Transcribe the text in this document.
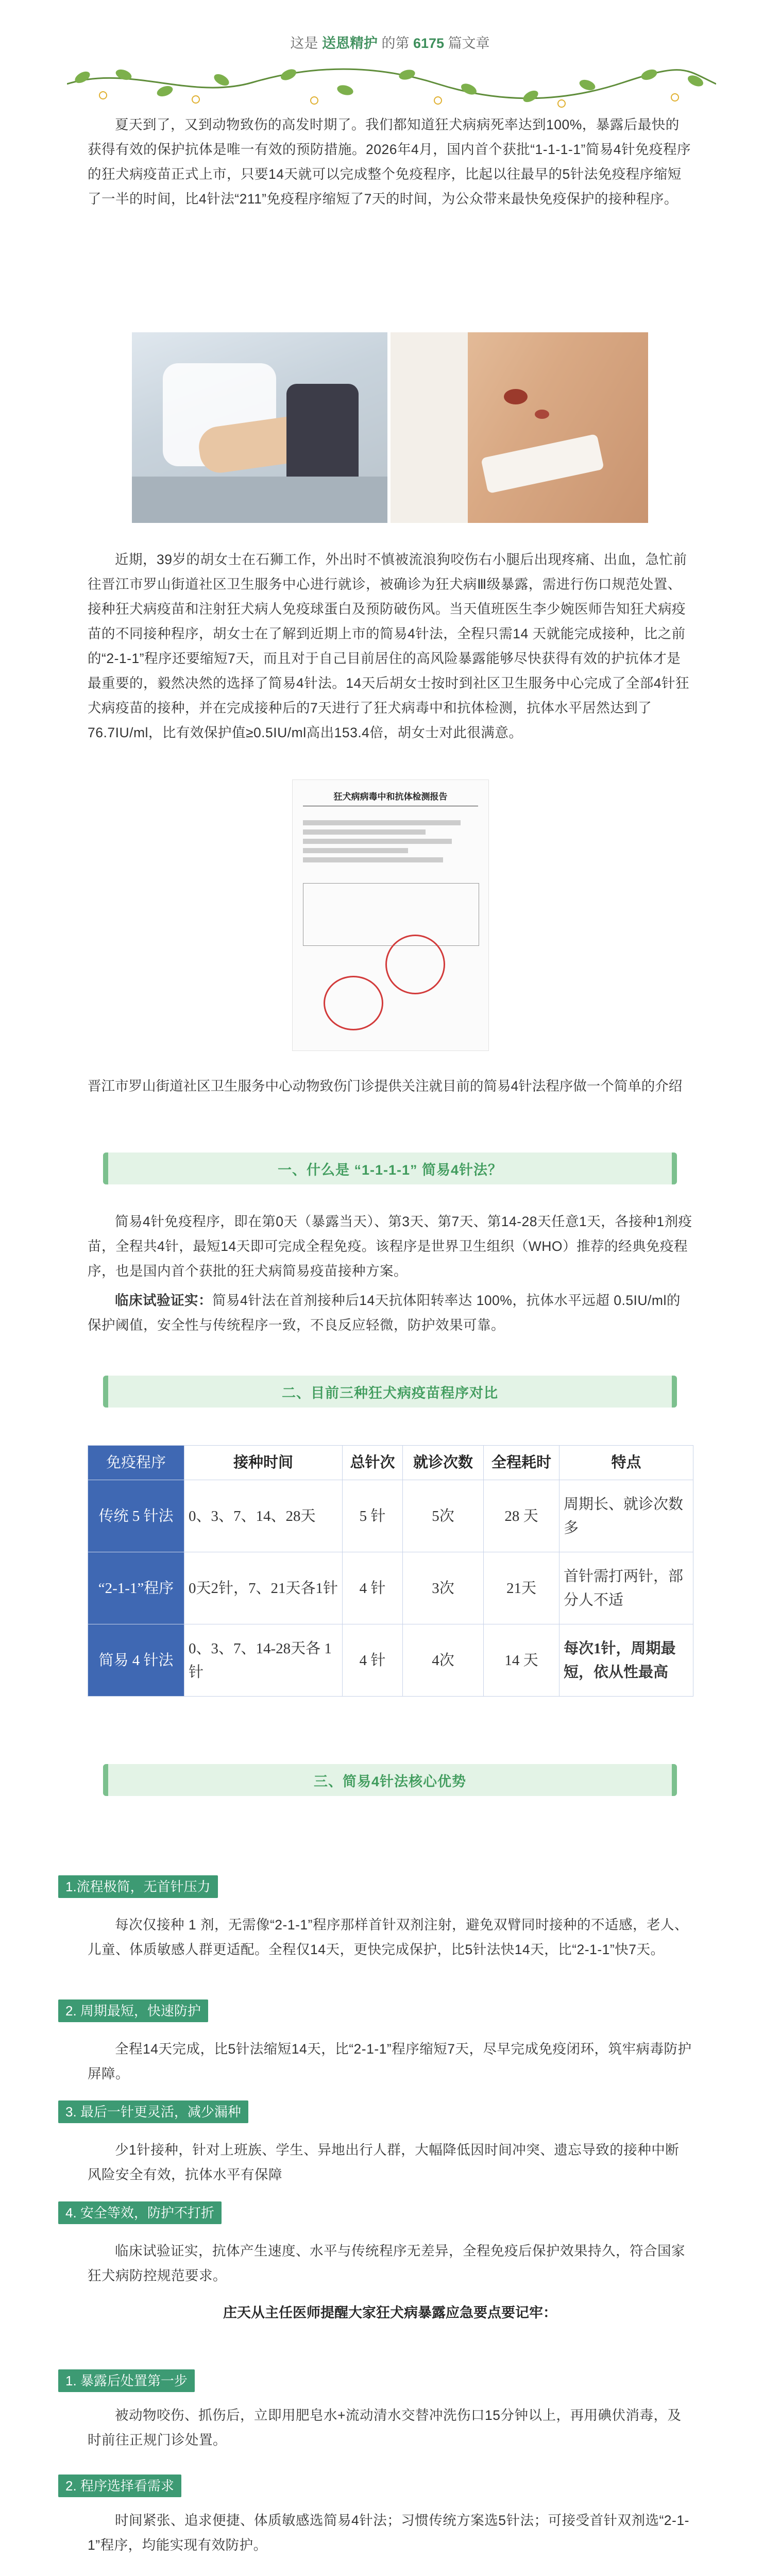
这是 送恩精护 的第 6175 篇文章

夏天到了，又到动物致伤的高发时期了。我们都知道狂犬病病死率达到100%，暴露后最快的获得有效的保护抗体是唯一有效的预防措施。2026年4月，国内首个获批“1-1-1-1”简易4针免疫程序的狂犬病疫苗正式上市，只要14天就可以完成整个免疫程序，比起以往最早的5针法免疫程序缩短了一半的时间，比4针法“211”免疫程序缩短了7天的时间，为公众带来最快免疫保护的接种程序。

近期，39岁的胡女士在石狮工作，外出时不慎被流浪狗咬伤右小腿后出现疼痛、出血，急忙前往晋江市罗山街道社区卫生服务中心进行就诊，被确诊为狂犬病Ⅲ级暴露，需进行伤口规范处置、接种狂犬病疫苗和注射狂犬病人免疫球蛋白及预防破伤风。当天值班医生李少婉医师告知狂犬病疫苗的不同接种程序，胡女士在了解到近期上市的简易4针法，全程只需14 天就能完成接种，比之前的“2-1-1”程序还要缩短7天，而且对于自己目前居住的高风险暴露能够尽快获得有效的护抗体才是最重要的，毅然决然的选择了简易4针法。14天后胡女士按时到社区卫生服务中心完成了全部4针狂犬病疫苗的接种，并在完成接种后的7天进行了狂犬病毒中和抗体检测，抗体水平居然达到了76.7IU/ml，比有效保护值≥0.5IU/ml高出153.4倍，胡女士对此很满意。

狂犬病病毒中和抗体检测报告

晋江市罗山街道社区卫生服务中心动物致伤门诊提供关注就目前的简易4针法程序做一个简单的介绍

一、什么是 “1-1-1-1” 简易4针法？

简易4针免疫程序，即在第0天（暴露当天）、第3天、第7天、第14-28天任意1天，各接种1剂疫苗，全程共4针，最短14天即可完成全程免疫。该程序是世界卫生组织（WHO）推荐的经典免疫程序，也是国内首个获批的狂犬病简易疫苗接种方案。

临床试验证实：简易4针法在首剂接种后14天抗体阳转率达 100%，抗体水平远超 0.5IU/ml的保护阈值，安全性与传统程序一致，不良反应轻微，防护效果可靠。

二、目前三种狂犬病疫苗程序对比
免疫程序	接种时间	总针次	就诊次数	全程耗时	特点
传统 5 针法	0、3、7、14、28天	5 针	5次	28 天	周期长、就诊次数多
“2-1-1”程序	0天2针，7、21天各1针	4 针	3次	21天	首针需打两针，部分人不适
简易 4 针法	0、3、7、14-28天各 1 针	4 针	4次	14 天	每次1针，周期最短，依从性最高
三、简易4针法核心优势
1.流程极简，无首针压力

每次仅接种 1 剂，无需像“2-1-1”程序那样首针双剂注射，避免双臂同时接种的不适感，老人、儿童、体质敏感人群更适配。全程仅14天，更快完成保护，比5针法快14天，比“2-1-1”快7天。

2. 周期最短，快速防护

全程14天完成，比5针法缩短14天，比“2-1-1”程序缩短7天，尽早完成免疫闭环，筑牢病毒防护屏障。

3. 最后一针更灵活，减少漏种

少1针接种，针对上班族、学生、异地出行人群，大幅降低因时间冲突、遗忘导致的接种中断风险安全有效，抗体水平有保障

4. 安全等效，防护不打折

临床试验证实，抗体产生速度、水平与传统程序无差异，全程免疫后保护效果持久，符合国家狂犬病防控规范要求。

庄天从主任医师提醒大家狂犬病暴露应急要点要记牢：

1. 暴露后处置第一步

被动物咬伤、抓伤后，立即用肥皂水+流动清水交替冲洗伤口15分钟以上，再用碘伏消毒，及时前往正规门诊处置。

2. 程序选择看需求

时间紧张、追求便捷、体质敏感选简易4针法；习惯传统方案选5针法；可接受首针双剂选“2-1-1”程序，均能实现有效防护。
